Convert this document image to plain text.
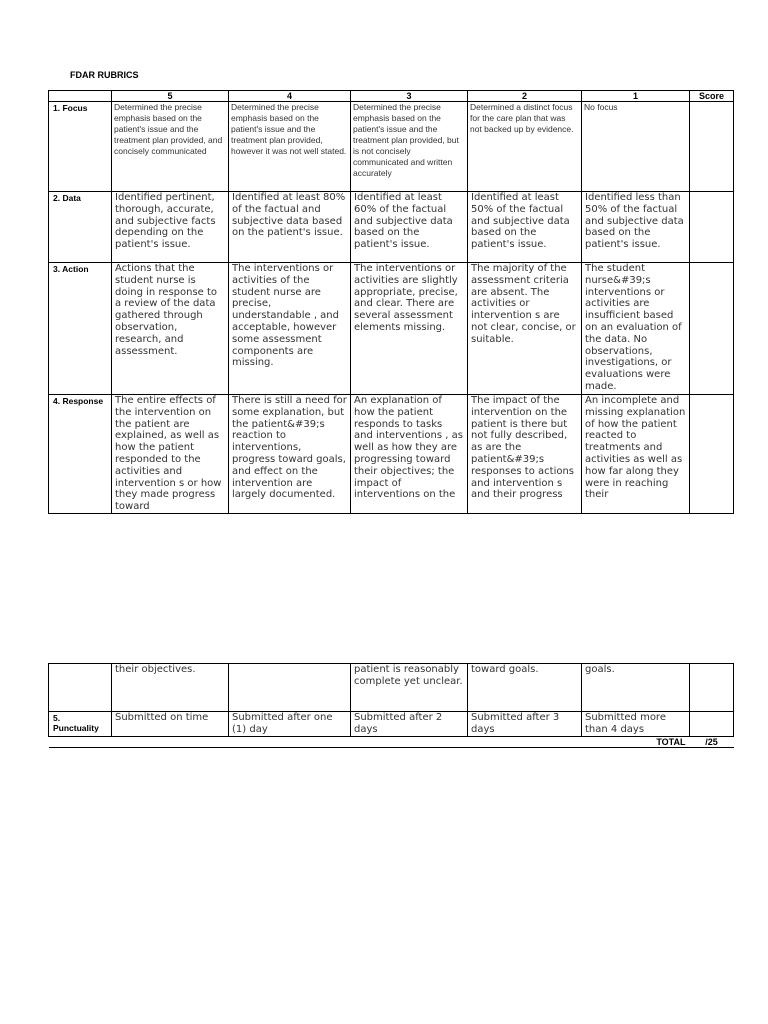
FDAR RUBRICS
	5	4	3	2	1	Score
1. Focus	Determined the precise emphasis based on the patient's issue and the treatment plan provided, and concisely communicated	Determined the precise emphasis based on the patient's issue and the treatment plan provided, however it was not well stated.	Determined the precise emphasis based on the patient's issue and the treatment plan provided, but is not concisely communicated and written accurately	Determined a distinct focus for the care plan that was not backed up by evidence.	No focus	
2. Data	Identified pertinent, thorough, accurate, and subjective facts depending on the patient's issue.	Identified at least 80% of the factual and subjective data based on the patient's issue.	Identified at least 60% of the factual and subjective data based on the patient's issue.	Identified at least 50% of the factual and subjective data based on the patient's issue.	Identified less than 50% of the factual and subjective data based on the patient's issue.	
3. Action	Actions that the student nurse is doing in response to a review of the data gathered through observation, research, and assessment.	The interventions or activities of the student nurse are precise, understandable , and acceptable, however some assessment components are missing.	The interventions or activities are slightly appropriate, precise, and clear. There are several assessment elements missing.	The majority of the assessment criteria are absent. The activities or intervention s are not clear, concise, or suitable.	The student nurse&#39;s interventions or activities are insufficient based on an evaluation of the data. No observations, investigations, or evaluations were made.	
4. Response	The entire effects of the intervention on the patient are explained, as well as how the patient responded to the activities and intervention s or how they made progress toward	There is still a need for some explanation, but the patient&#39;s reaction to interventions, progress toward goals, and effect on the intervention are largely documented.	An explanation of how the patient responds to tasks and interventions , as well as how they are progressing toward their objectives; the impact of interventions on the	The impact of the intervention on the patient is there but not fully described, as are the patient&#39;s responses to actions and intervention s and their progress	An incomplete and missing explanation of how the patient reacted to treatments and activities as well as how far along they were in reaching their	
	their objectives.		patient is reasonably complete yet unclear.	toward goals.	goals.	
5. Punctuality	Submitted on time	Submitted after one (1) day	Submitted after 2 days	Submitted after 3 days	Submitted more than 4 days	
TOTAL						/25
